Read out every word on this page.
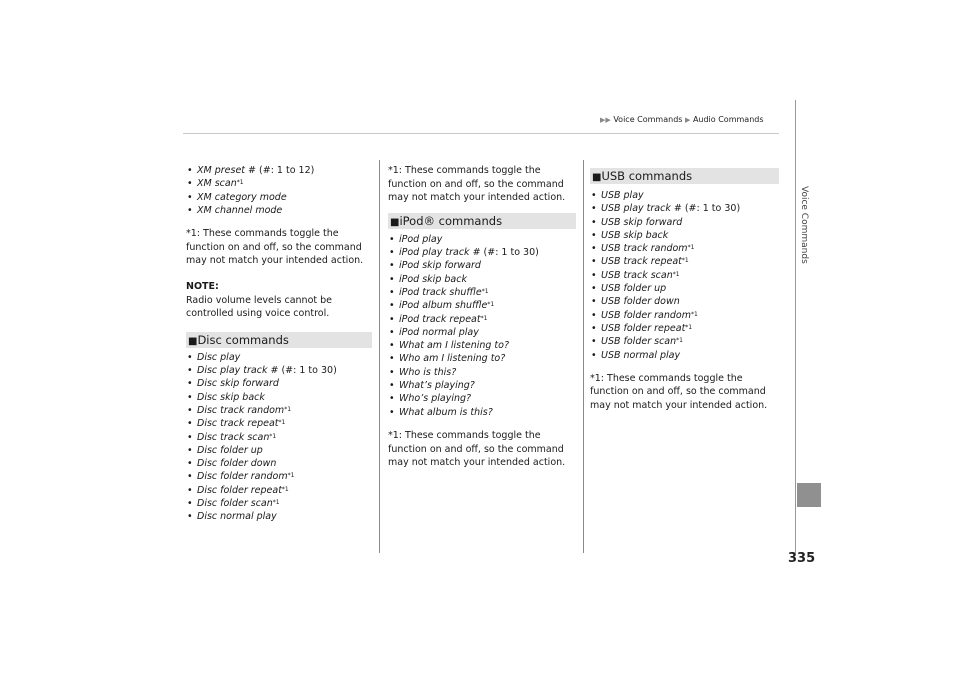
▶▶ Voice Commands ▶ Audio Commands
Voice Commands
335
• XM preset # (#: 1 to 12)
• XM scan$^{*1}$
• XM category mode
• XM channel mode

*1: These commands toggle the function on and off, so the command may not match your intended action.

NOTE:

Radio volume levels cannot be controlled using voice control.

■Disc commands
• Disc play
• Disc play track # (#: 1 to 30)
• Disc skip forward
• Disc skip back
• Disc track random$^{*1}$
• Disc track repeat$^{*1}$
• Disc track scan$^{*1}$
• Disc folder up
• Disc folder down
• Disc folder random$^{*1}$
• Disc folder repeat$^{*1}$
• Disc folder scan$^{*1}$
• Disc normal play

*1: These commands toggle the function on and off, so the command may not match your intended action.

■iPod® commands
• iPod play
• iPod play track # (#: 1 to 30)
• iPod skip forward
• iPod skip back
• iPod track shuffle$^{*1}$
• iPod album shuffle$^{*1}$
• iPod track repeat$^{*1}$
• iPod normal play
• What am I listening to?
• Who am I listening to?
• Who is this?
• What’s playing?
• Who’s playing?
• What album is this?

*1: These commands toggle the function on and off, so the command may not match your intended action.

■USB commands
• USB play
• USB play track # (#: 1 to 30)
• USB skip forward
• USB skip back
• USB track random$^{*1}$
• USB track repeat$^{*1}$
• USB track scan$^{*1}$
• USB folder up
• USB folder down
• USB folder random$^{*1}$
• USB folder repeat$^{*1}$
• USB folder scan$^{*1}$
• USB normal play

*1: These commands toggle the function on and off, so the command may not match your intended action.
